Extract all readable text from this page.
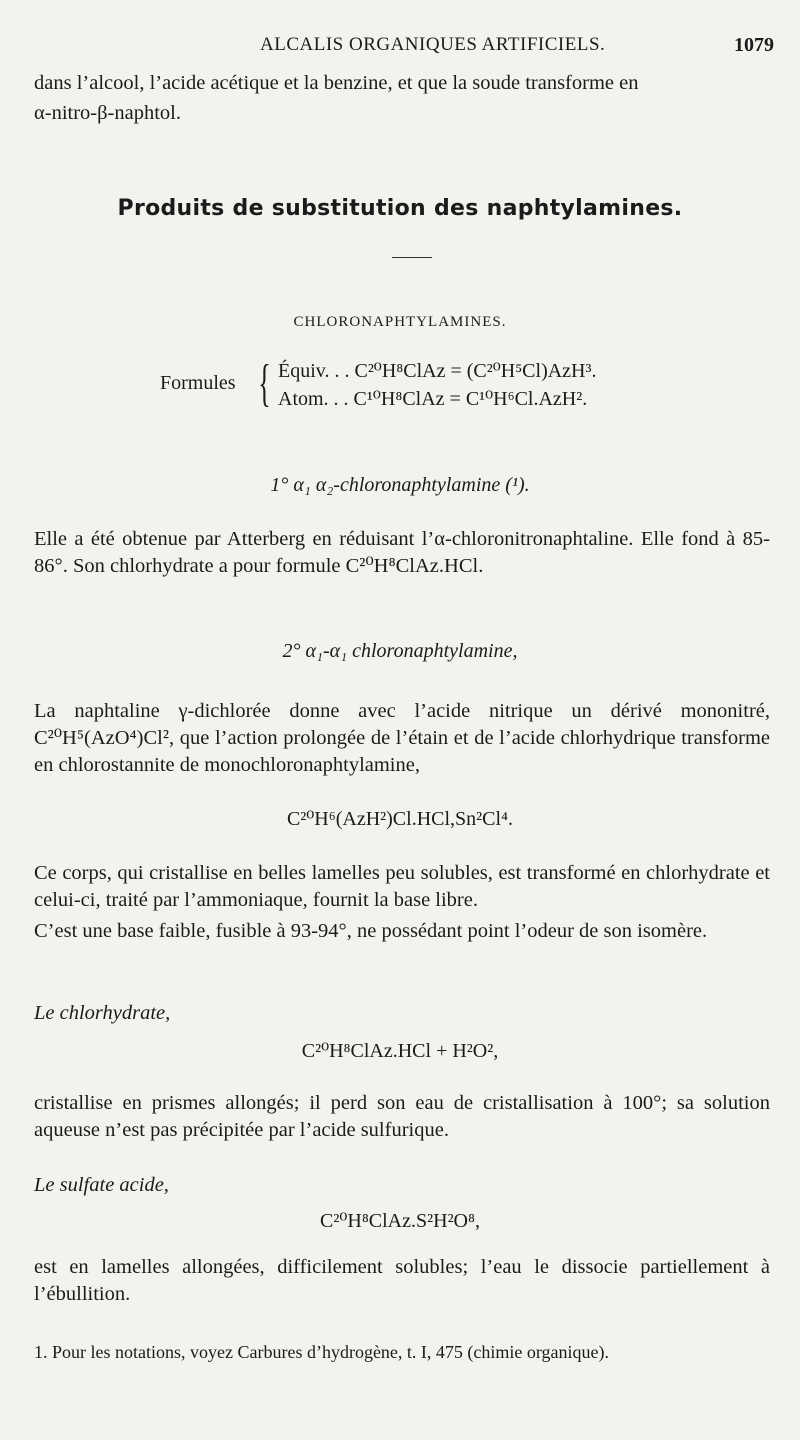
ALCALIS ORGANIQUES ARTIFICIELS.	1079
dans l’alcool, l’acide acétique et la benzine, et que la soude transforme en
α-nitro-β-naphtol.
Produits de substitution des naphtylamines.
CHLORONAPHTYLAMINES.
Formules { Équiv. . . C²⁰H⁸ClAz = (C²⁰H⁵Cl)AzH³.
Atom. . . C¹⁰H⁸ClAz = C¹⁰H⁶Cl.AzH².
1° α₁ α₂-chloronaphtylamine (¹).
Elle a été obtenue par Atterberg en réduisant l’α-chloronitronaphtaline. Elle fond à 85-86°. Son chlorhydrate a pour formule C²⁰H⁸ClAz.HCl.
2° α₁-α₁ chloronaphtylamine,
La naphtaline γ-dichlorée donne avec l’acide nitrique un dérivé mononitré, C²⁰H⁵(AzO⁴)Cl², que l’action prolongée de l’étain et de l’acide chlorhydrique transforme en chlorostannite de monochloronaphtylamine,
C²⁰H⁶(AzH²)Cl.HCl,Sn²Cl⁴.
Ce corps, qui cristallise en belles lamelles peu solubles, est transformé en chlorhydrate et celui-ci, traité par l’ammoniaque, fournit la base libre.
C’est une base faible, fusible à 93-94°, ne possédant point l’odeur de son isomère.
Le chlorhydrate,
C²⁰H⁸ClAz.HCl + H²O²,
cristallise en prismes allongés; il perd son eau de cristallisation à 100°; sa solution aqueuse n’est pas précipitée par l’acide sulfurique.
Le sulfate acide,
C²⁰H⁸ClAz.S²H²O⁸,
est en lamelles allongées, difficilement solubles; l’eau le dissocie partiellement à l’ébullition.
1. Pour les notations, voyez Carbures d’hydrogène, t. I, 475 (chimie organique).
